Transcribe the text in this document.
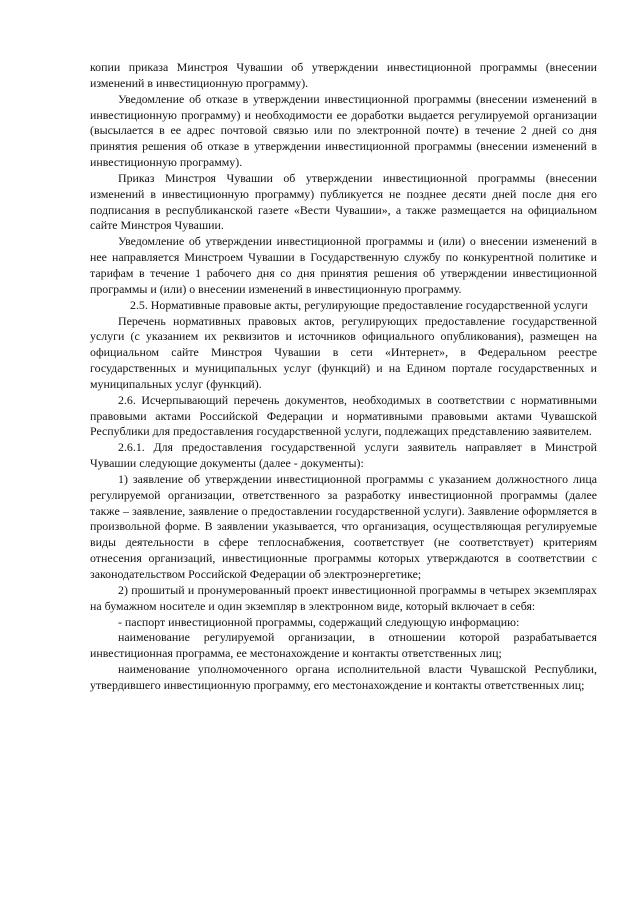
копии приказа Минстроя Чувашии об утверждении инвестиционной программы (внесении изменений в инвестиционную программу).

Уведомление об отказе в утверждении инвестиционной программы (внесении изменений в инвестиционную программу) и необходимости ее доработки выдается регулируемой организации (высылается в ее адрес почтовой связью или по электронной почте) в течение 2 дней со дня принятия решения об отказе в утверждении инвестиционной программы (внесении изменений в инвестиционную программу).

Приказ Минстроя Чувашии об утверждении инвестиционной программы (внесении изменений в инвестиционную программу) публикуется не позднее десяти дней после дня его подписания в республиканской газете «Вести Чувашии», а также размещается на официальном сайте Минстроя Чувашии.

Уведомление об утверждении инвестиционной программы и (или) о внесении изменений в нее направляется Минстроем Чувашии в Государственную службу по конкурентной политике и тарифам в течение 1 рабочего дня со дня принятия решения об утверждении инвестиционной программы и (или) о внесении изменений в инвестиционную программу.

2.5. Нормативные правовые акты, регулирующие предоставление государственной услуги

Перечень нормативных правовых актов, регулирующих предоставление государственной услуги (с указанием их реквизитов и источников официального опубликования), размещен на официальном сайте Минстроя Чувашии в сети «Интернет», в Федеральном реестре государственных и муниципальных услуг (функций) и на Едином портале государственных и муниципальных услуг (функций).

2.6. Исчерпывающий перечень документов, необходимых в соответствии с нормативными правовыми актами Российской Федерации и нормативными правовыми актами Чувашской Республики для предоставления государственной услуги, подлежащих представлению заявителем.

2.6.1. Для предоставления государственной услуги заявитель направляет в Минстрой Чувашии следующие документы (далее - документы):

1) заявление об утверждении инвестиционной программы с указанием должностного лица регулируемой организации, ответственного за разработку инвестиционной программы (далее также – заявление, заявление о предоставлении государственной услуги). Заявление оформляется в произвольной форме. В заявлении указывается, что организация, осуществляющая регулируемые виды деятельности в сфере теплоснабжения, соответствует (не соответствует) критериям отнесения организаций, инвестиционные программы которых утверждаются в соответствии с законодательством Российской Федерации об электроэнергетике;

2) прошитый и пронумерованный проект инвестиционной программы в четырех экземплярах на бумажном носителе и один экземпляр в электронном виде, который включает в себя:

- паспорт инвестиционной программы, содержащий следующую информацию:

наименование регулируемой организации, в отношении которой разрабатывается инвестиционная программа, ее местонахождение и контакты ответственных лиц;

наименование уполномоченного органа исполнительной власти Чувашской Республики, утвердившего инвестиционную программу, его местонахождение и контакты ответственных лиц;
